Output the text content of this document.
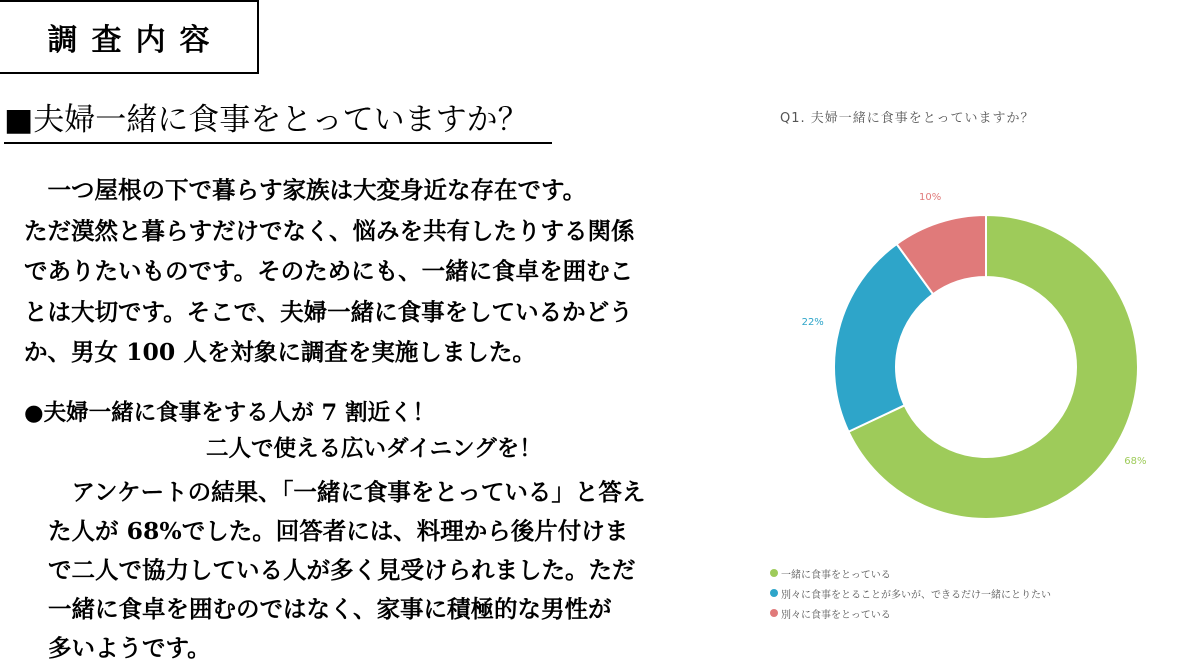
調査内容
■夫婦一緒に食事をとっていますか？
　一つ屋根の下で暮らす家族は大変身近な存在です。
ただ漠然と暮らすだけでなく、悩みを共有したりする関係
でありたいものです。そのためにも、一緒に食卓を囲むこ
とは大切です。そこで、夫婦一緒に食事をしているかどう
か、男女 100 人を対象に調査を実施しました。
●夫婦一緒に食事をする人が 7 割近く！
二人で使える広いダイニングを！
　アンケートの結果、「一緒に食事をとっている」と答え
た人が 68%でした。回答者には、料理から後片付けま
で二人で協力している人が多く見受けられました。ただ
一緒に食卓を囲むのではなく、家事に積極的な男性が
多いようです。
Q1. 夫婦一緒に食事をとっていますか？
68%
22%
10%
一緒に食事をとっている
別々に食事をとることが多いが、できるだけ一緒にとりたい
別々に食事をとっている
